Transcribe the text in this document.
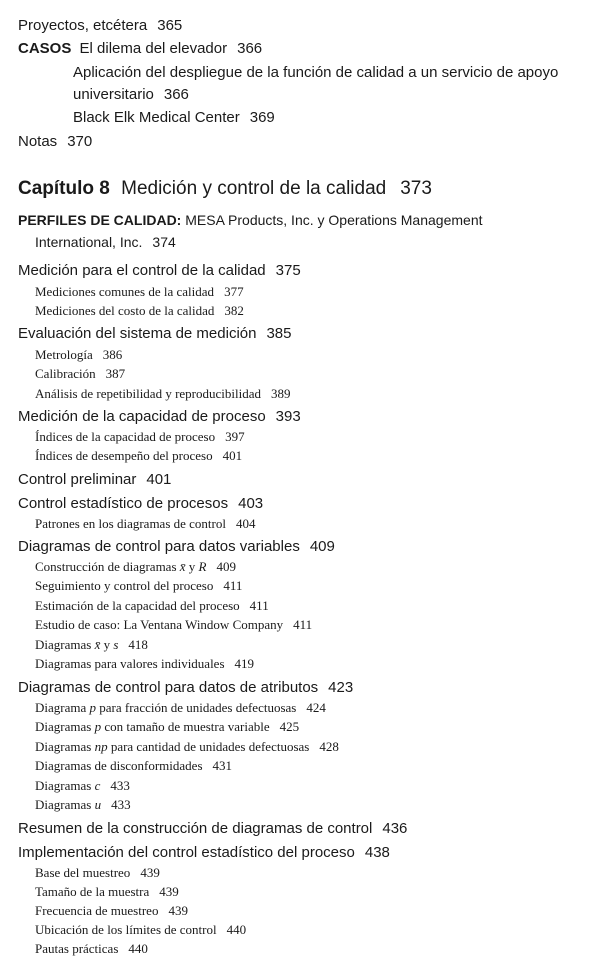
Proyectos, etcétera 365
CASOS El dilema del elevador 366
Aplicación del despliegue de la función de calidad a un servicio de apoyo
universitario 366
Black Elk Medical Center 369
Notas 370
Capítulo 8 Medición y control de la calidad 373
PERFILES DE CALIDAD: MESA Products, Inc. y Operations Management
International, Inc. 374
Medición para el control de la calidad 375
Mediciones comunes de la calidad 377
Mediciones del costo de la calidad 382
Evaluación del sistema de medición 385
Metrología 386
Calibración 387
Análisis de repetibilidad y reproducibilidad 389
Medición de la capacidad de proceso 393
Índices de la capacidad de proceso 397
Índices de desempeño del proceso 401
Control preliminar 401
Control estadístico de procesos 403
Patrones en los diagramas de control 404
Diagramas de control para datos variables 409
Construcción de diagramas x̄ y R 409
Seguimiento y control del proceso 411
Estimación de la capacidad del proceso 411
Estudio de caso: La Ventana Window Company 411
Diagramas x̄ y s 418
Diagramas para valores individuales 419
Diagramas de control para datos de atributos 423
Diagrama p para fracción de unidades defectuosas 424
Diagramas p con tamaño de muestra variable 425
Diagramas np para cantidad de unidades defectuosas 428
Diagramas de disconformidades 431
Diagramas c 433
Diagramas u 433
Resumen de la construcción de diagramas de control 436
Implementación del control estadístico del proceso 438
Base del muestreo 439
Tamaño de la muestra 439
Frecuencia de muestreo 439
Ubicación de los límites de control 440
Pautas prácticas 440
